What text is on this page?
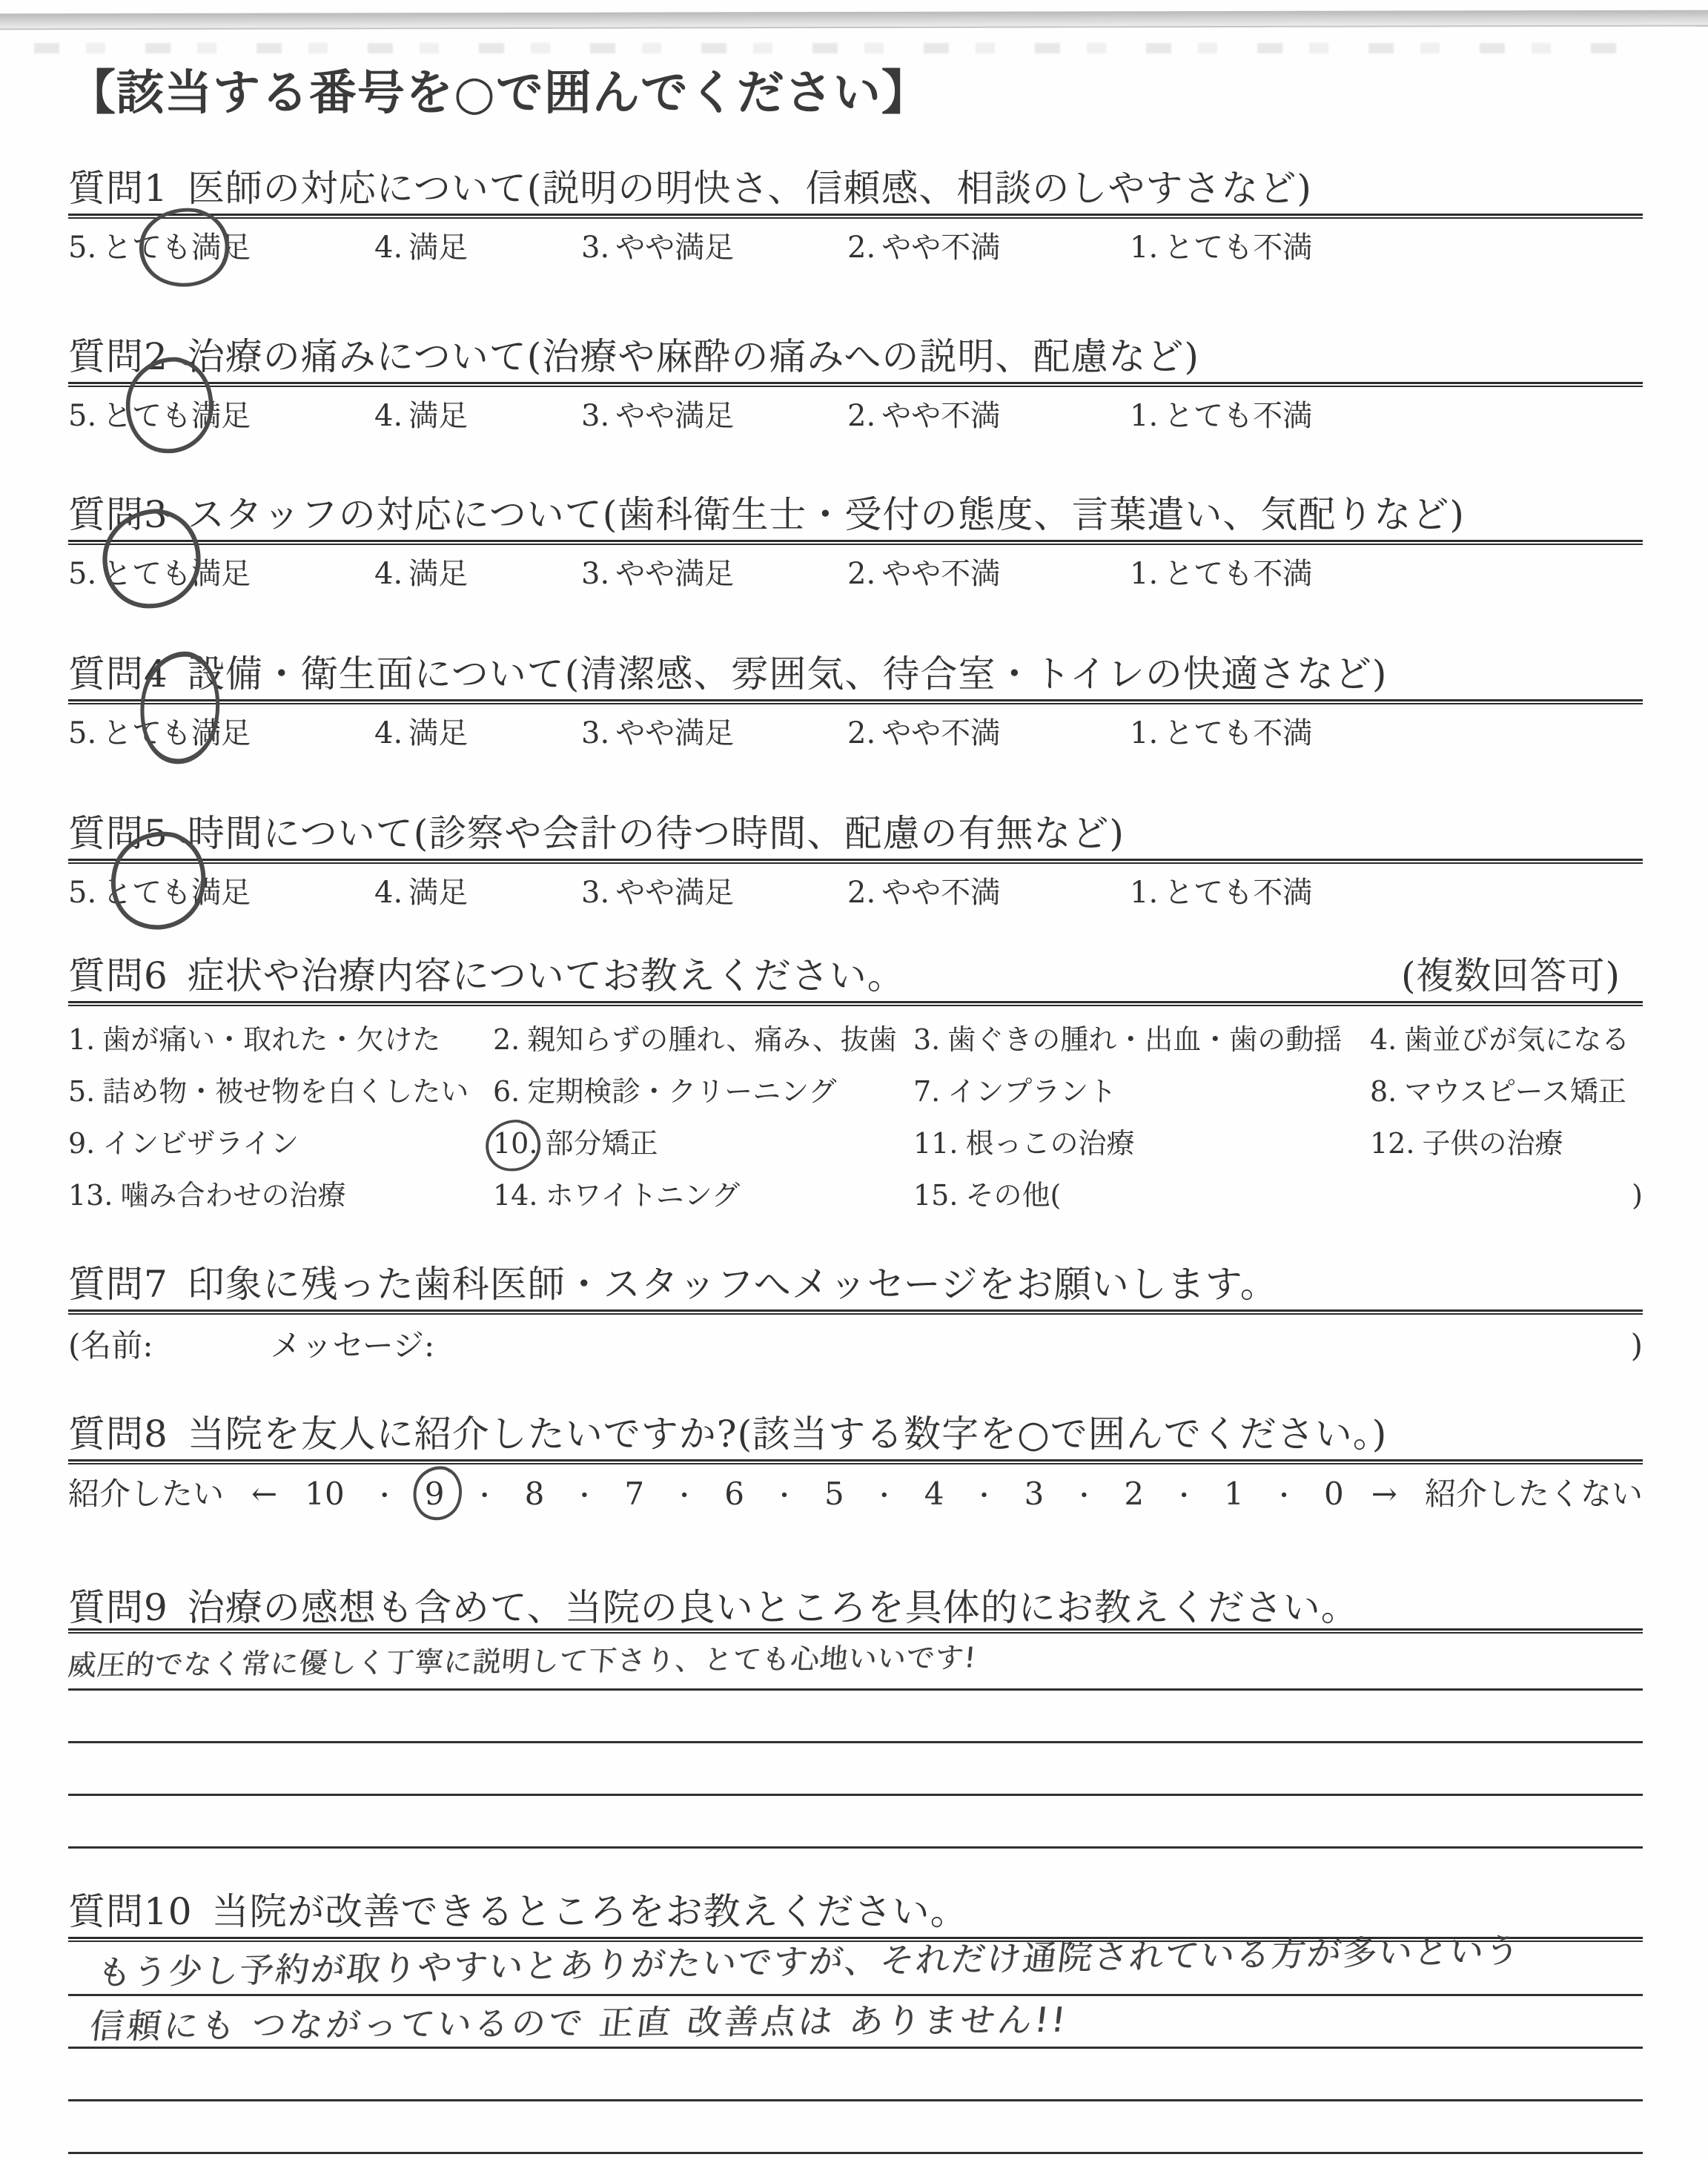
【該当する番号を○で囲んでください】
質問1 医師の対応について(説明の明快さ、信頼感、相談のしやすさなど)
5. とても満足	4. 満足	3. やや満足	2. やや不満	1. とても不満
質問2 治療の痛みについて(治療や麻酔の痛みへの説明、配慮など)
5. とても満足	4. 満足	3. やや満足	2. やや不満	1. とても不満
質問3 スタッフの対応について(歯科衛生士・受付の態度、言葉遣い、気配りなど)
5. とても満足	4. 満足	3. やや満足	2. やや不満	1. とても不満
質問4 設備・衛生面について(清潔感、雰囲気、待合室・トイレの快適さなど)
5. とても満足	4. 満足	3. やや満足	2. やや不満	1. とても不満
質問5 時間について(診察や会計の待つ時間、配慮の有無など)
5. とても満足	4. 満足	3. やや満足	2. やや不満	1. とても不満
質問6 症状や治療内容についてお教えください。	(複数回答可)
1. 歯が痛い・取れた・欠けた	2. 親知らずの腫れ、痛み、抜歯 3. 歯ぐきの腫れ・出血・歯の動揺 4. 歯並びが気になる
5. 詰め物・被せ物を白くしたい 6. 定期検診・クリーニング	7. インプラント	8. マウスピース矯正
9. インビザライン	10. 部分矯正	11. 根っこの治療	12. 子供の治療
13. 噛み合わせの治療	14. ホワイトニング	15. その他(	)
質問7 印象に残った歯科医師・スタッフへメッセージをお願いします。
(名前:	メッセージ:	)
質問8 当院を友人に紹介したいですか?(該当する数字を○で囲んでください。)
紹介したい ← 10 ・ 9 ・ 8 ・ 7 ・ 6 ・ 5 ・ 4 ・ 3 ・ 2 ・ 1 ・ 0 → 紹介したくない
質問9 治療の感想も含めて、当院の良いところを具体的にお教えください。
威圧的でなく常に優しく丁寧に説明して下さり、とても心地いいです!
質問10 当院が改善できるところをお教えください。
もう少し予約が取りやすいとありがたいですが、それだけ通院されている方が多いという
信頼にも つながっているので 正直 改善点は ありません!!
